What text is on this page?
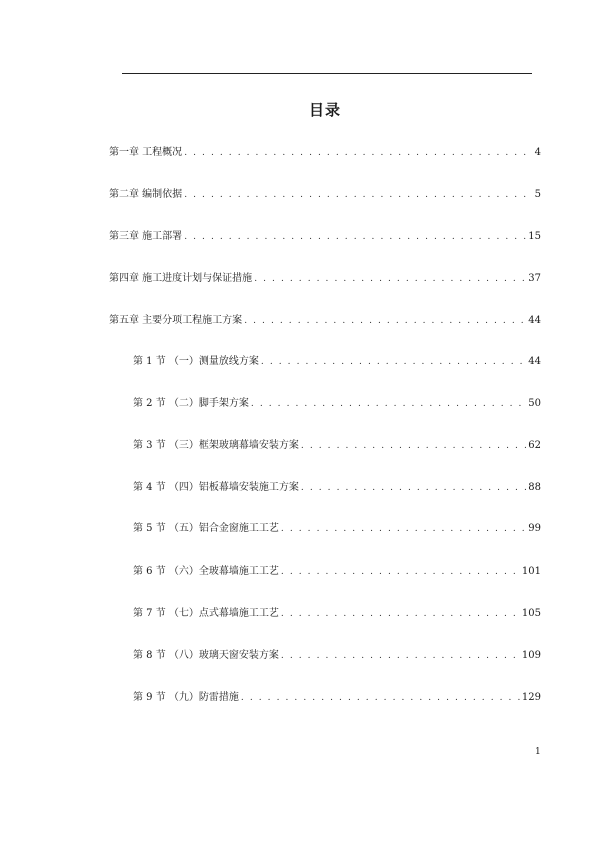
目录
第一章 工程概况 . . .	4
第二章 编制依据 . . .	5
第三章 施工部署 . . .	15
第四章 施工进度计划与保证措施 . . .	37
第五章 主要分项工程施工方案 . . .	44
第 1 节 （一）测量放线方案 . . .	44
第 2 节 （二）脚手架方案 . . .	50
第 3 节 （三）框架玻璃幕墙安装方案 . . .	62
第 4 节 （四）铝板幕墙安装施工方案 . . .	88
第 5 节 （五）铝合金窗施工工艺 . . .	99
第 6 节 （六）全玻幕墙施工工艺 . . .	101
第 7 节 （七）点式幕墙施工工艺 . . .	105
第 8 节 （八）玻璃天窗安装方案 . . .	109
第 9 节 （九）防雷措施 . . .	129
1
